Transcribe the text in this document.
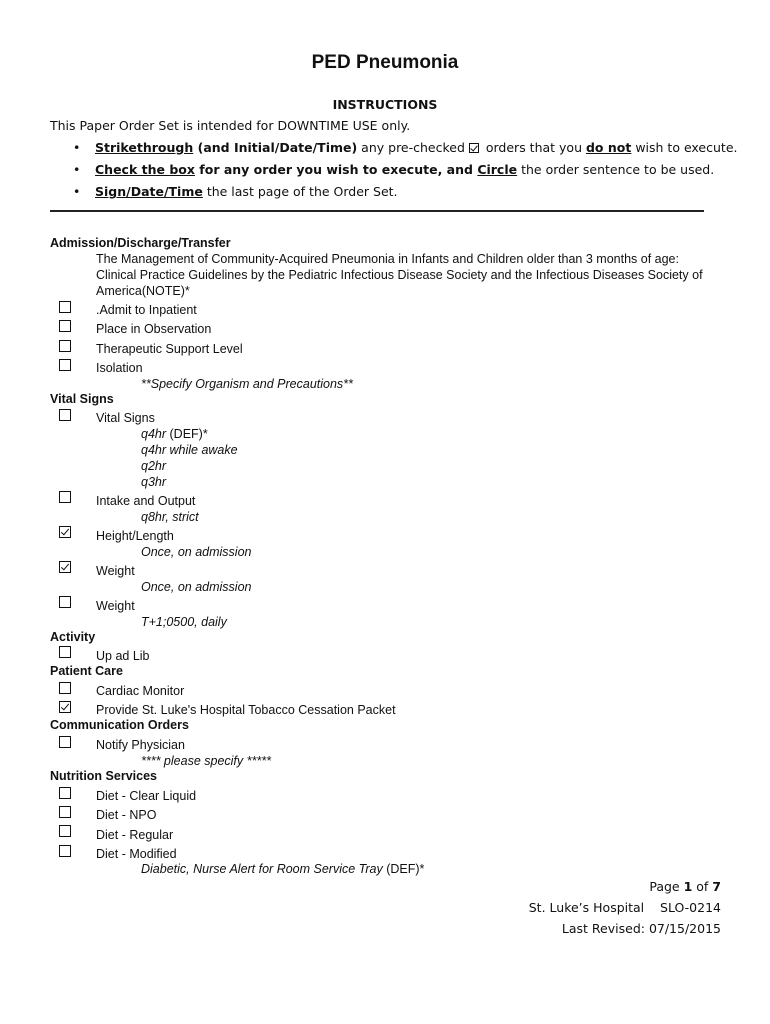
PED Pneumonia
INSTRUCTIONS
This Paper Order Set is intended for DOWNTIME USE only.
• Strikethrough (and Initial/Date/Time) any pre-checked  orders that you do not wish to execute.
• Check the box for any order you wish to execute, and Circle the order sentence to be used.
• Sign/Date/Time the last page of the Order Set.
Admission/Discharge/Transfer
The Management of Community-Acquired Pneumonia in Infants and Children older than 3 months of age:
Clinical Practice Guidelines by the Pediatric Infectious Disease Society and the Infectious Diseases Society of
America(NOTE)*
.Admit to Inpatient
Place in Observation
Therapeutic Support Level
Isolation
**Specify Organism and Precautions**
Vital Signs
Vital Signs
q4hr (DEF)*
q4hr while awake
q2hr
q3hr
Intake and Output
q8hr, strict
Height/Length
Once, on admission
Weight
Once, on admission
Weight
T+1;0500, daily
Activity
Up ad Lib
Patient Care
Cardiac Monitor
Provide St. Luke's Hospital Tobacco Cessation Packet
Communication Orders
Notify Physician
**** please specify *****
Nutrition Services
Diet - Clear Liquid
Diet - NPO
Diet - Regular
Diet - Modified
Diabetic, Nurse Alert for Room Service Tray (DEF)*
Page 1 of 7
St. Luke’s Hospital    SLO-0214
Last Revised: 07/15/2015
